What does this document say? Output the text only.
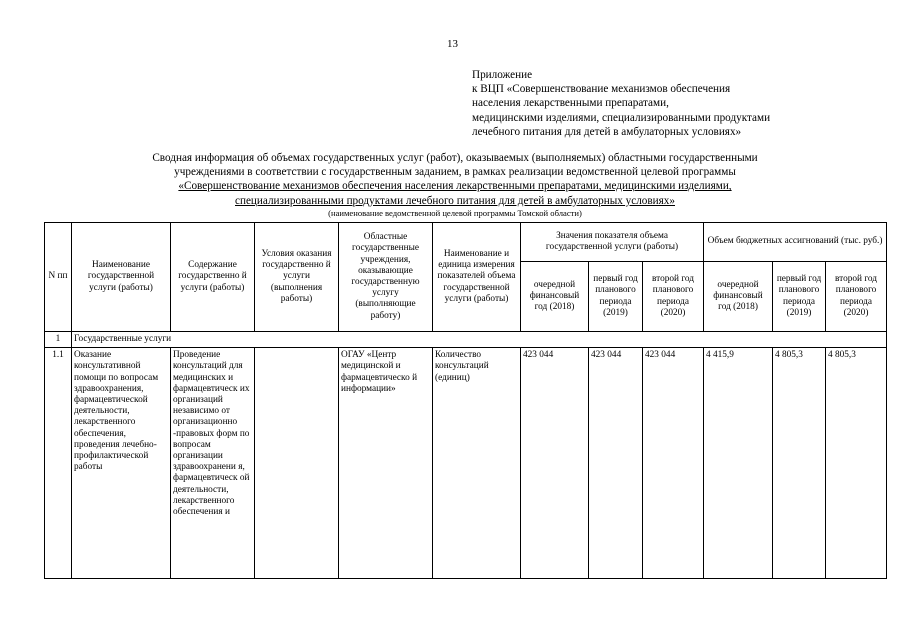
13
Приложение
к ВЦП «Совершенствование механизмов обеспечения
населения лекарственными препаратами,
медицинскими изделиями, специализированными продуктами
лечебного питания для детей в амбулаторных условиях»
Сводная информация об объемах государственных услуг (работ), оказываемых (выполняемых) областными государственными
учреждениями в соответствии с государственным заданием, в рамках реализации ведомственной целевой программы
«Совершенствование механизмов обеспечения населения лекарственными препаратами, медицинскими изделиями,
специализированными продуктами лечебного питания для детей в амбулаторных условиях»
(наименование ведомственной целевой программы Томской области)
N пп	Наименование государственной услуги (работы)	Содержание государственно й услуги (работы)	Условия оказания государственно й услуги (выполнения работы)	Областные государственные учреждения, оказывающие государственную услугу (выполняющие работу)	Наименование и единица измерения показателей объема государственной услуги (работы)	Значения показателя объема государственной услуги (работы)			Объем бюджетных ассигнований (тыс. руб.)		
						очередной финансовый год (2018)	первый год планового периода (2019)	второй год планового периода (2020)	очередной финансовый год (2018)	первый год планового периода (2019)	второй год планового периода (2020)
1	Государственные услуги										
1.1	Оказание консультативной помощи по вопросам здравоохранения, фармацевтической деятельности, лекарственного обеспечения, проведения лечебно-профилактической работы	Проведение консультаций для медицинских и фармацевтическ их организаций независимо от организационно -правовых форм по вопросам организации здравоохранени я, фармацевтическ ой деятельности, лекарственного обеспечения и		ОГАУ «Центр медицинской и фармацевтическо й информации»	Количество консультаций (единиц)	423 044	423 044	423 044	4 415,9	4 805,3	4 805,3
